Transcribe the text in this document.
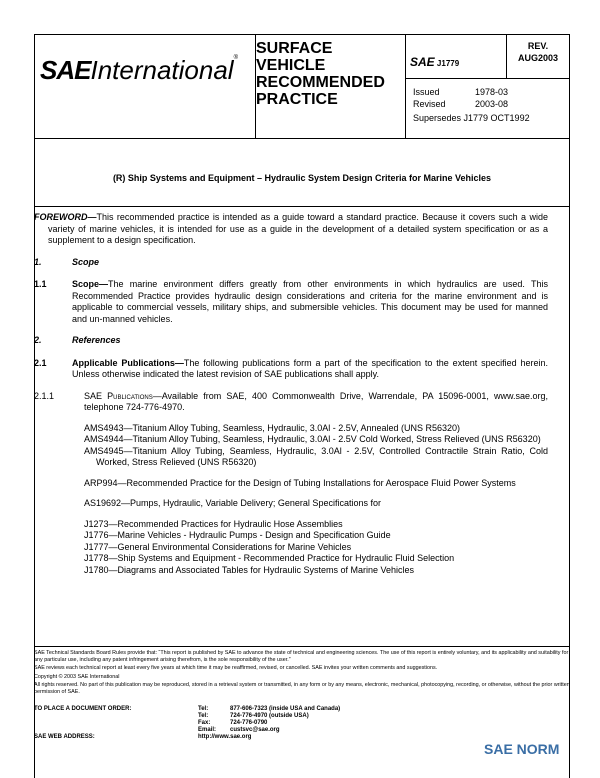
SAEInternational®
SURFACE
VEHICLE
RECOMMENDED
PRACTICE
SAE J1779
REV.
AUG2003
Issued	1978-03
Revised	2003-08
Supersedes J1779 OCT1992
(R) Ship Systems and Equipment – Hydraulic System Design Criteria for Marine Vehicles

FOREWORD—This recommended practice is intended as a guide toward a standard practice. Because it covers such a wide variety of marine vehicles, it is intended for use as a guide in the development of a detailed system specification or as a supplement to a design specification.

1.	Scope
1.1	Scope—The marine environment differs greatly from other environments in which hydraulics are used. This Recommended Practice provides hydraulic design considerations and criteria for the marine environment and is applicable to commercial vessels, military ships, and submersible vehicles. This document may be used for manned and un-manned vehicles.
2.	References
2.1	Applicable Publications—The following publications form a part of the specification to the extent specified herein. Unless otherwise indicated the latest revision of SAE publications shall apply.
2.1.1	SAE Publications—Available from SAE, 400 Commonwealth Drive, Warrendale, PA 15096-0001, www.sae.org, telephone 724-776-4970.
AMS4943—Titanium Alloy Tubing, Seamless, Hydraulic, 3.0Al - 2.5V, Annealed (UNS R56320)
AMS4944—Titanium Alloy Tubing, Seamless, Hydraulic, 3.0Al - 2.5V Cold Worked, Stress Relieved (UNS R56320)
AMS4945—Titanium Alloy Tubing, Seamless, Hydraulic, 3.0Al - 2.5V, Controlled Contractile Strain Ratio, Cold Worked, Stress Relieved (UNS R56320)
ARP994—Recommended Practice for the Design of Tubing Installations for Aerospace Fluid Power Systems
AS19692—Pumps, Hydraulic, Variable Delivery; General Specifications for
J1273—Recommended Practices for Hydraulic Hose Assemblies
J1776—Marine Vehicles - Hydraulic Pumps - Design and Specification Guide
J1777—General Environmental Considerations for Marine Vehicles
J1778—Ship Systems and Equipment - Recommended Practice for Hydraulic Fluid Selection
J1780—Diagrams and Associated Tables for Hydraulic Systems of Marine Vehicles

SAE Technical Standards Board Rules provide that: “This report is published by SAE to advance the state of technical and engineering sciences. The use of this report is entirely voluntary, and its applicability and suitability for any particular use, including any patent infringement arising therefrom, is the sole responsibility of the user.”

SAE reviews each technical report at least every five years at which time it may be reaffirmed, revised, or cancelled. SAE invites your written comments and suggestions.

Copyright © 2003 SAE International

All rights reserved. No part of this publication may be reproduced, stored in a retrieval system or transmitted, in any form or by any means, electronic, mechanical, photocopying, recording, or otherwise, without the prior written permission of SAE.

TO PLACE A DOCUMENT ORDER:	Tel:	877-606-7323 (inside USA and Canada)
Tel:	724-776-4970 (outside USA)
Fax:	724-776-0790
Email:	custsvc@sae.org
SAE WEB ADDRESS:	http://www.sae.org
SAE NORM
